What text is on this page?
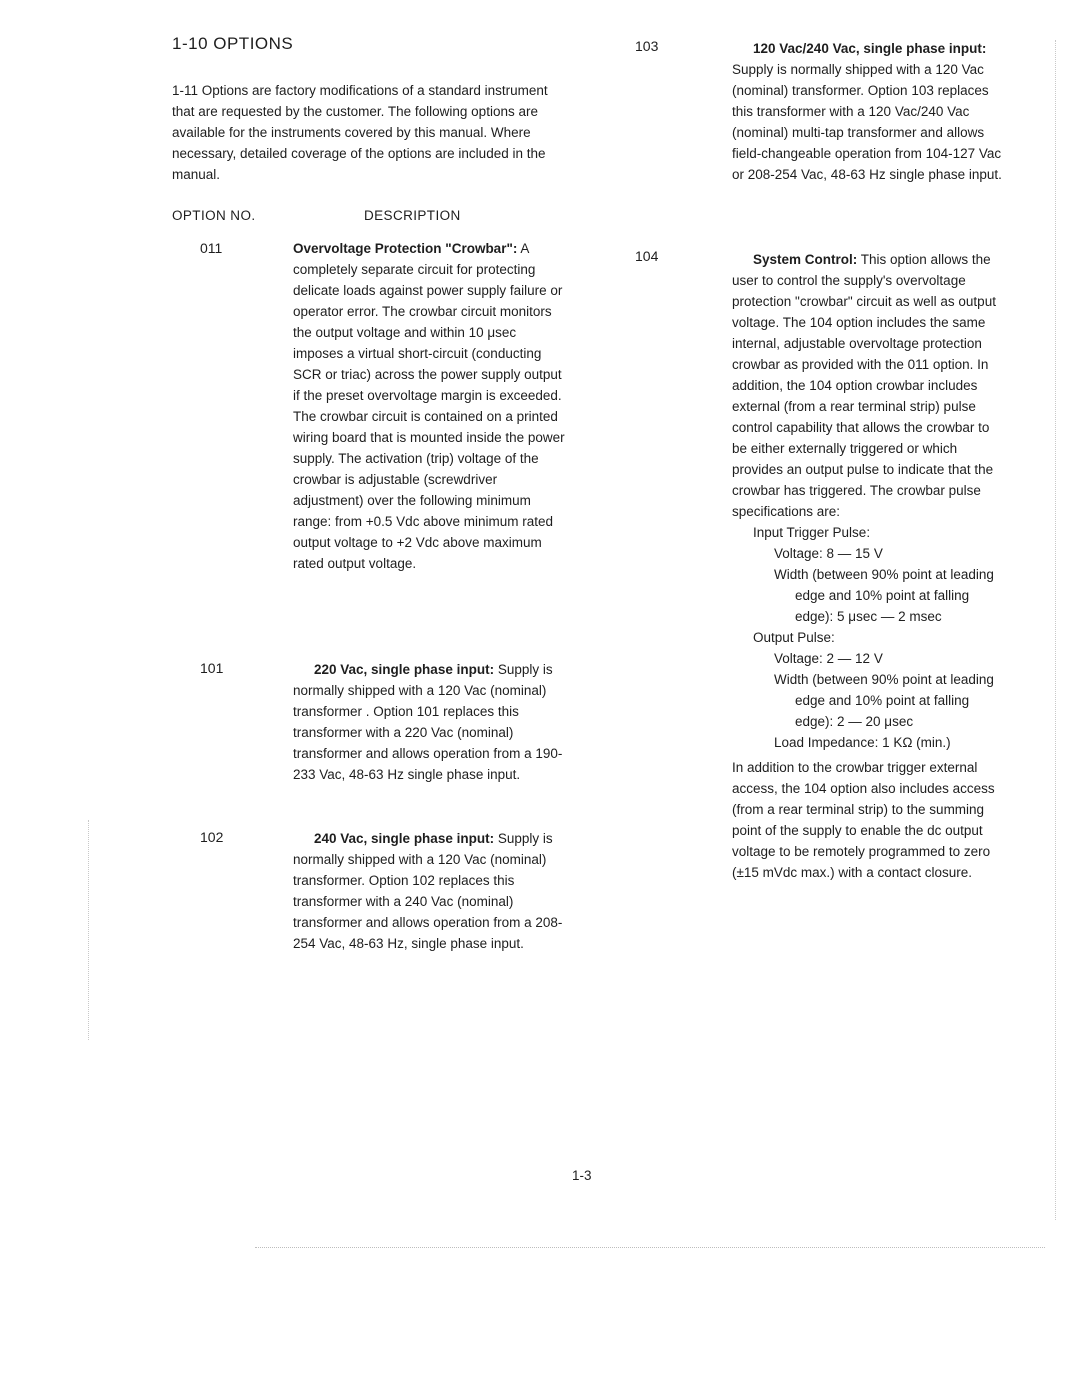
1-10 OPTIONS
1-11 Options are factory modifications of a standard instrument that are requested by the customer. The following options are available for the instruments covered by this manual. Where necessary, detailed coverage of the options are included in the manual.
OPTION NO.	DESCRIPTION
011	Overvoltage Protection "Crowbar": A completely separate circuit for protecting delicate loads against power supply failure or operator error. The crowbar circuit monitors the output voltage and within 10 μsec imposes a virtual short-circuit (conducting SCR or triac) across the power supply output if the preset overvoltage margin is exceeded. The crowbar circuit is contained on a printed wiring board that is mounted inside the power supply. The activation (trip) voltage of the crowbar is adjustable (screwdriver adjustment) over the following minimum range: from +0.5 Vdc above minimum rated output voltage to +2 Vdc above maximum rated output voltage.
101	220 Vac, single phase input: Supply is normally shipped with a 120 Vac (nominal) transformer . Option 101 replaces this transformer with a 220 Vac (nominal) transformer and allows operation from a 190-233 Vac, 48-63 Hz single phase input.
102	240 Vac, single phase input: Supply is normally shipped with a 120 Vac (nominal) transformer. Option 102 replaces this transformer with a 240 Vac (nominal) transformer and allows operation from a 208-254 Vac, 48-63 Hz, single phase input.
103	120 Vac/240 Vac, single phase input: Supply is normally shipped with a 120 Vac (nominal) transformer. Option 103 replaces this transformer with a 120 Vac/240 Vac (nominal) multi-tap transformer and allows field-changeable operation from 104-127 Vac or 208-254 Vac, 48-63 Hz single phase input.
104	System Control: This option allows the user to control the supply's overvoltage protection "crowbar" circuit as well as output voltage. The 104 option includes the same internal, adjustable overvoltage protection crowbar as provided with the 011 option. In addition, the 104 option crowbar includes external (from a rear terminal strip) pulse control capability that allows the crowbar to be either externally triggered or which provides an output pulse to indicate that the crowbar has triggered. The crowbar pulse specifications are:
Input Trigger Pulse:
Voltage: 8 — 15 V
Width (between 90% point at leading edge and 10% point at falling edge): 5 μsec — 2 msec
Output Pulse:
Voltage: 2 — 12 V
Width (between 90% point at leading edge and 10% point at falling edge): 2 — 20 μsec
Load Impedance: 1 KΩ (min.)
In addition to the crowbar trigger external access, the 104 option also includes access (from a rear terminal strip) to the summing point of the supply to enable the dc output voltage to be remotely programmed to zero (±15 mVdc max.) with a contact closure.
1-3
